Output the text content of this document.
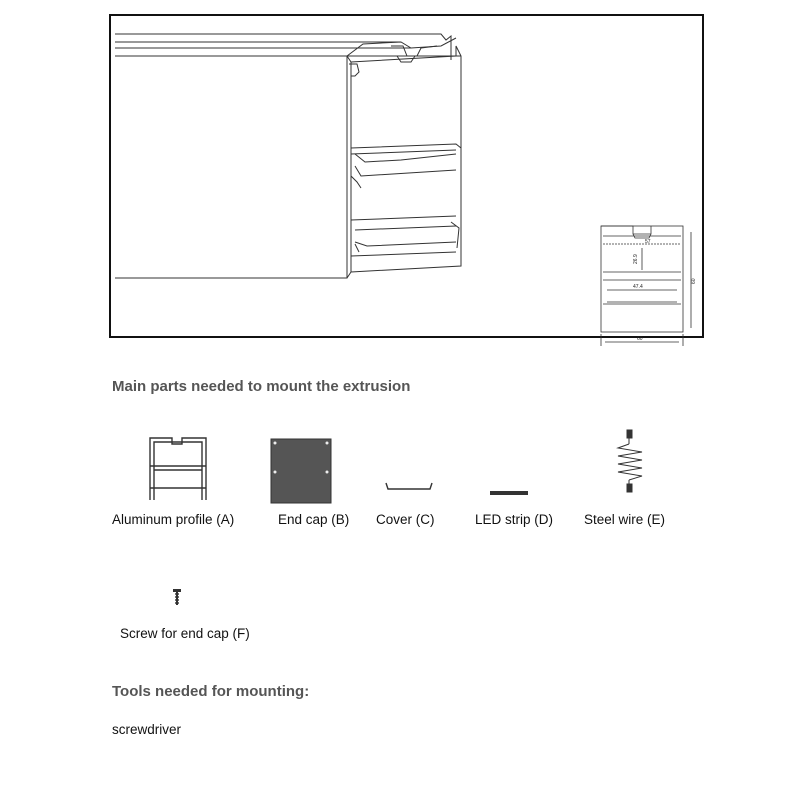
57
26.9
47.4
60
60
Main parts needed to mount the extrusion
Aluminum profile (A)	End cap (B) Cover (C)	LED strip (D) Steel wire (E)
Screw for end cap (F)
Tools needed for mounting:
screwdriver
